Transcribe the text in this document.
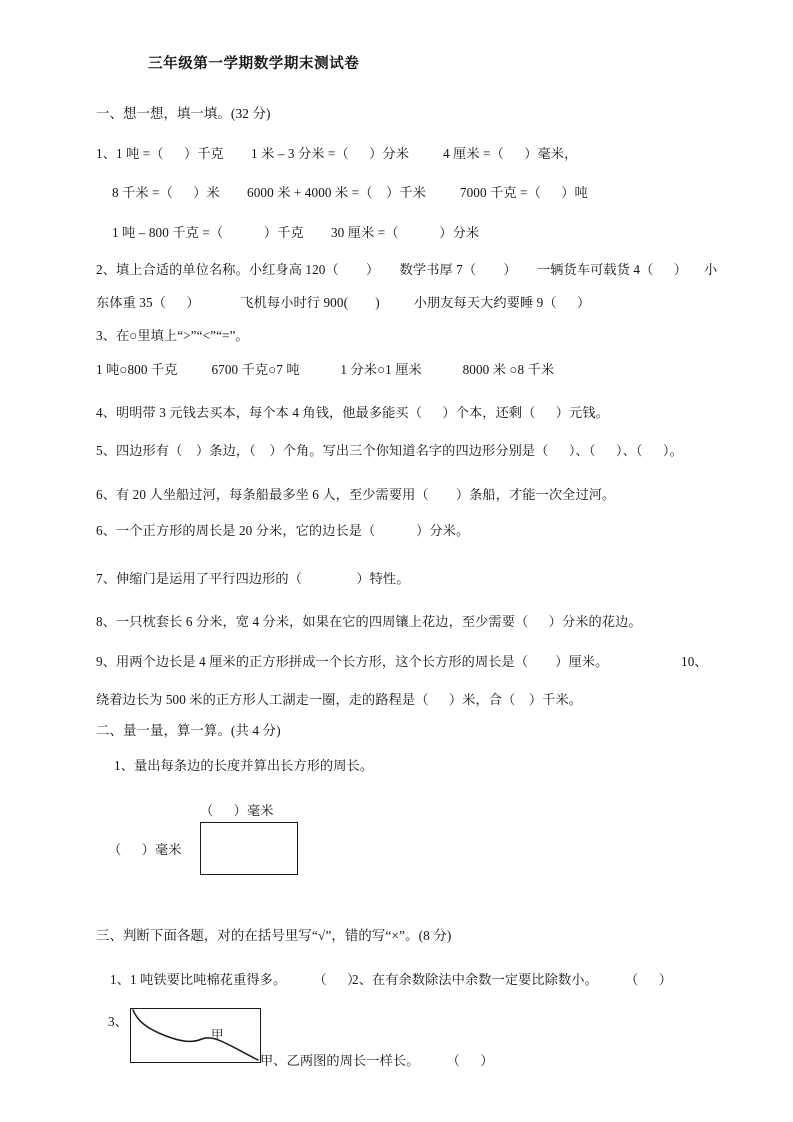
三年级第一学期数学期末测试卷
一、想一想，填一填。(32 分)
1、1 吨 =（      ）千克        1 米 – 3 分米 =（      ）分米          4 厘米 =（      ）毫米，
8 千米 =（      ）米        6000 米 + 4000 米 =（    ）千米          7000 千克 =（      ）吨
1 吨 – 800 千克 =（            ）千克        30 厘米 =（            ）分米
2、填上合适的单位名称。小红身高 120（        ）      数学书厚 7（        ）      一辆货车可载货 4（      ）     小
东体重 35（      ）            飞机每小时行 900(        )          小朋友每天大约要睡 9（      ）
3、在○里填上“>”“<”“=”。
1 吨○800 千克          6700 千克○7 吨            1 分米○1 厘米            8000 米 ○8 千米
4、明明带 3 元钱去买本，每个本 4 角钱，他最多能买（      ）个本，还剩（      ）元钱。
5、四边形有（    ）条边，（    ）个角。写出三个你知道名字的四边形分别是（      ）、（      ）、（      ）。
6、有 20 人坐船过河，每条船最多坐 6 人，至少需要用（        ）条船，才能一次全过河。
6、一个正方形的周长是 20 分米，它的边长是（            ）分米。
7、伸缩门是运用了平行四边形的（                ）特性。
8、一只枕套长 6 分米，宽 4 分米，如果在它的四周镶上花边，至少需要（      ）分米的花边。
9、用两个边长是 4 厘米的正方形拼成一个长方形，这个长方形的周长是（        ）厘米。	10、
绕着边长为 500 米的正方形人工湖走一圈，走的路程是（      ）米，合（    ）千米。
二、量一量，算一算。(共 4 分)
1、量出每条边的长度并算出长方形的周长。
（      ）毫米
（      ）毫米
三、判断下面各题，对的在括号里写“√”，错的写“×”。(8 分)
1、1 吨铁要比吨棉花重得多。        （      ）
2、在有余数除法中余数一定要比除数小。        （      ）
3、
甲
甲、乙两图的周长一样长。        （      ）
